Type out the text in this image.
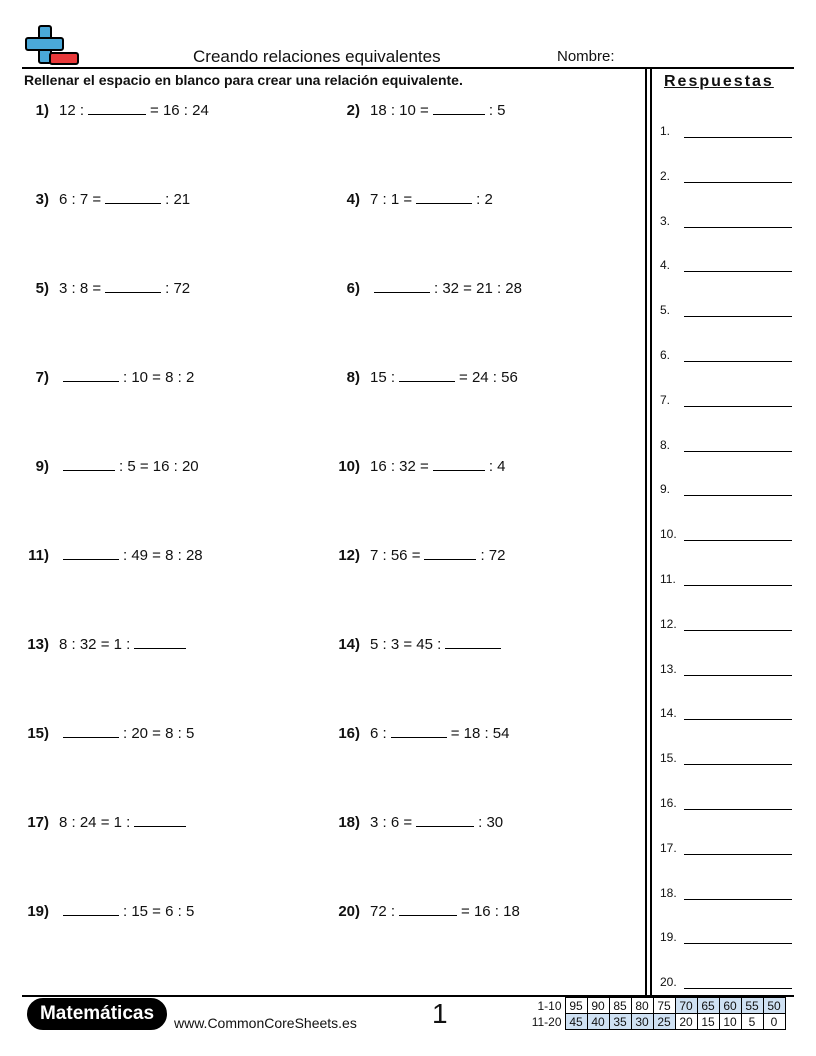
Creando relaciones equivalentes	Nombre:
Rellenar el espacio en blanco para crear una relación equivalente.	Respuestas
1) 12 :	= 16 : 24	2) 18 : 10 =	: 5
3) 6 : 7 =	: 21	4) 7 : 1 =	: 2
5) 3 : 8 =	: 72	6)	: 32 = 21 : 28
7)	: 10 = 8 : 2	8) 15 :	= 24 : 56
9)	: 5 = 16 : 20	10) 16 : 32 =	: 4
11)	: 49 = 8 : 28	12) 7 : 56 =	: 72
13) 8 : 32 = 1 :	14) 5 : 3 = 45 :
15)	: 20 = 8 : 5	16) 6 :	= 18 : 54
17) 8 : 24 = 1 :	18) 3 : 6 =	: 30
19)	: 15 = 6 : 5	20) 72 :	= 16 : 18
1.
2.
3.
4.
5.
6.
7.
8.
9.
10.
11.
12.
13.
14.
15.
16.
17.
18.
19.
20.
Matemáticas	www.CommonCoreSheets.es	1	1-10	95	90	85	80	75	70	65	60	55	50
11-20	45	40	35	30	25	20	15	10	5	0
